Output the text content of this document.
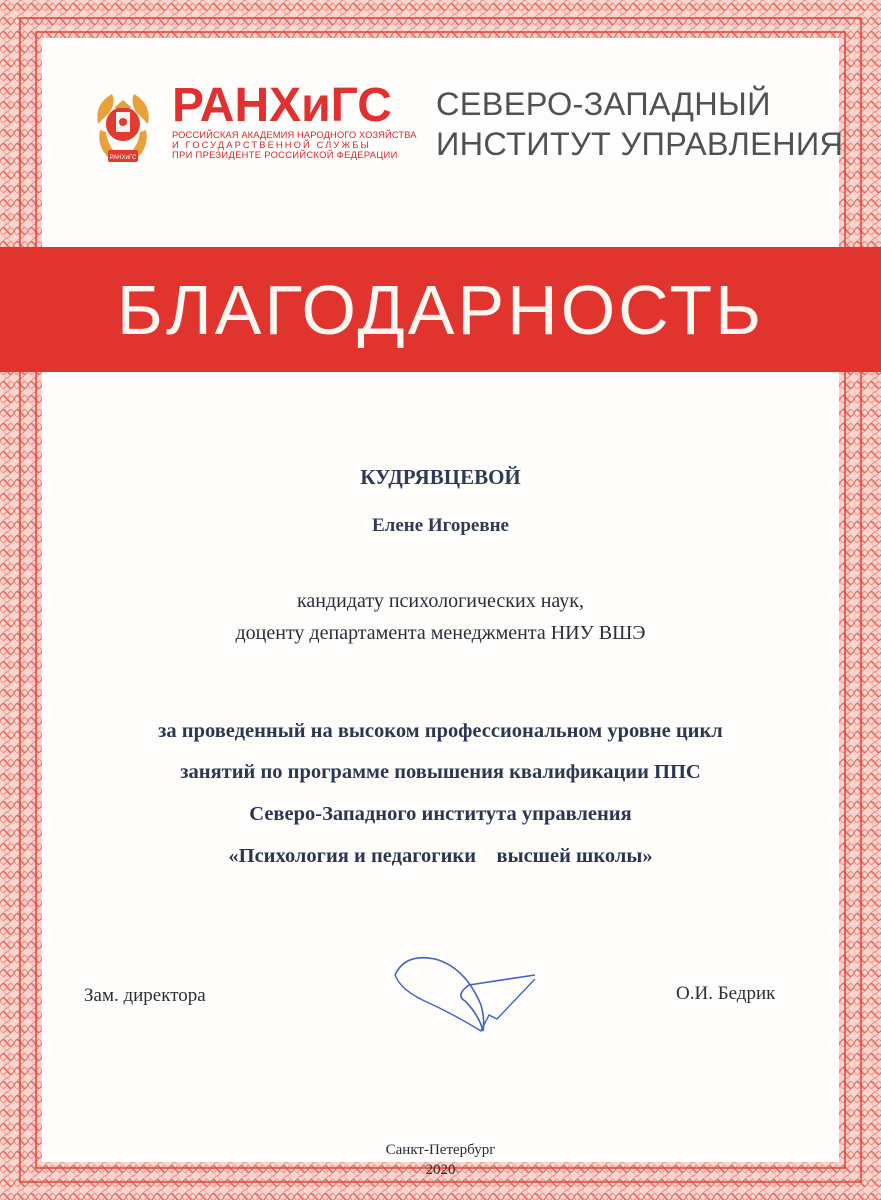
РАНХиГС
РАНХиГС
РОССИЙСКАЯ АКАДЕМИЯ НАРОДНОГО ХОЗЯЙСТВА
И ГОСУДАРСТВЕННОЙ СЛУЖБЫ
ПРИ ПРЕЗИДЕНТЕ РОССИЙСКОЙ ФЕДЕРАЦИИ
СЕВЕРО-ЗАПАДНЫЙ
ИНСТИТУТ УПРАВЛЕНИЯ
БЛАГОДАРНОСТЬ
КУДРЯВЦЕВОЙ
Елене Игоревне
кандидату психологических наук,
доценту департамента менеджмента НИУ ВШЭ
за проведенный на высоком профессиональном уровне цикл
занятий по программе повышения квалификации ППС
Северо-Западного института управления
«Психология и педагогики    высшей школы»
Зам. директора	О.И. Бедрик
Санкт-Петербург
2020
